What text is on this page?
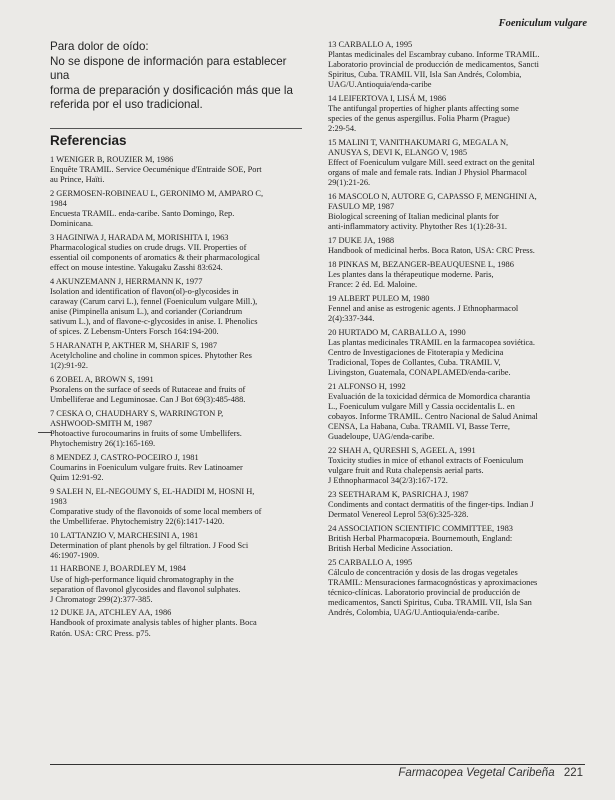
Foeniculum vulgare
Para dolor de oído:
No se dispone de información para establecer una
forma de preparación y dosificación más que la
referida por el uso tradicional.
Referencias
1 WENIGER B, ROUZIER M, 1986
Enquête TRAMIL. Service Oecuménique d'Entraide SOE, Port
au Prince, Haïti.
2 GERMOSEN-ROBINEAU L, GERONIMO M, AMPARO C,
1984
Encuesta TRAMIL. enda-caribe. Santo Domingo, Rep.
Dominicana.
3 HAGINIWA J, HARADA M, MORISHITA I, 1963
Pharmacological studies on crude drugs. VII. Properties of
essential oil components of aromatics & their pharmacological
effect on mouse intestine. Yakugaku Zasshi 83:624.
4 AKUNZEMANN J, HERRMANN K, 1977
Isolation and identification of flavon(ol)-o-glycosides in
caraway (Carum carvi L.), fennel (Foeniculum vulgare Mill.),
anise (Pimpinella anisum L.), and coriander (Coriandrum
sativum L.), and of flavone-c-glycosides in anise. I. Phenolics
of spices. Z Lebensm-Unters Forsch 164:194-200.
5 HARANATH P, AKTHER M, SHARIF S, 1987
Acetylcholine and choline in common spices. Phytother Res
1(2):91-92.
6 ZOBEL A, BROWN S, 1991
Psoralens on the surface of seeds of Rutaceae and fruits of
Umbelliferae and Leguminosae. Can J Bot 69(3):485-488.
7 CESKA O, CHAUDHARY S, WARRINGTON P,
ASHWOOD-SMITH M, 1987
Photoactive furocoumarins in fruits of some Umbellifers.
Phytochemistry 26(1):165-169.
8 MENDEZ J, CASTRO-POCEIRO J, 1981
Coumarins in Foeniculum vulgare fruits. Rev Latinoamer
Quim 12:91-92.
9 SALEH N, EL-NEGOUMY S, EL-HADIDI M, HOSNI H,
1983
Comparative study of the flavonoids of some local members of
the Umbelliferae. Phytochemistry 22(6):1417-1420.
10 LATTANZIO V, MARCHESINI A, 1981
Determination of plant phenols by gel filtration. J Food Sci
46:1907-1909.
11 HARBONE J, BOARDLEY M, 1984
Use of high-performance liquid chromatography in the
separation of flavonol glycosides and flavonol sulphates.
J Chromatogr 299(2):377-385.
12 DUKE JA, ATCHLEY AA, 1986
Handbook of proximate analysis tables of higher plants. Boca
Ratón. USA: CRC Press. p75.
13 CARBALLO A, 1995
Plantas medicinales del Escambray cubano. Informe TRAMIL.
Laboratorio provincial de producción de medicamentos, Sancti
Spiritus, Cuba. TRAMIL VII, Isla San Andrés, Colombia,
UAG/U.Antioquia/enda-caribe
14 LEIFERTOVA I, LISÁ M, 1986
The antifungal properties of higher plants affecting some
species of the genus aspergillus. Folia Pharm (Prague)
2:29-54.
15 MALINI T, VANITHAKUMARI G, MEGALA N,
ANUSYA S, DEVI K, ELANGO V, 1985
Effect of Foeniculum vulgare Mill. seed extract on the genital
organs of male and female rats. Indian J Physiol Pharmacol
29(1):21-26.
16 MASCOLO N, AUTORE G, CAPASSO F, MENGHINI A,
FASULO MP, 1987
Biological screening of Italian medicinal plants for
anti-inflammatory activity. Phytother Res 1(1):28-31.
17 DUKE JA, 1988
Handbook of medicinal herbs. Boca Raton, USA: CRC Press.
18 PINKAS M, BEZANGER-BEAUQUESNE L, 1986
Les plantes dans la thérapeutique moderne. Paris,
France: 2 éd. Ed. Maloine.
19 ALBERT PULEO M, 1980
Fennel and anise as estrogenic agents. J Ethnopharmacol
2(4):337-344.
20 HURTADO M, CARBALLO A, 1990
Las plantas medicinales TRAMIL en la farmacopea soviética.
Centro de Investigaciones de Fitoterapia y Medicina
Tradicional, Topes de Collantes, Cuba. TRAMIL V,
Livingston, Guatemala, CONAPLAMED/enda-caribe.
21 ALFONSO H, 1992
Evaluación de la toxicidad dérmica de Momordica charantia
L., Foeniculum vulgare Mill y Cassia occidentalis L. en
cobayos. Informe TRAMIL. Centro Nacional de Salud Animal
CENSA, La Habana, Cuba. TRAMIL VI, Basse Terre,
Guadeloupe, UAG/enda-caribe.
22 SHAH A, QURESHI S, AGEEL A, 1991
Toxicity studies in mice of ethanol extracts of Foeniculum
vulgare fruit and Ruta chalepensis aerial parts.
J Ethnopharmacol 34(2/3):167-172.
23 SEETHARAM K, PASRICHA J, 1987
Condiments and contact dermatitis of the finger-tips. Indian J
Dermatol Venereol Leprol 53(6):325-328.
24 ASSOCIATION SCIENTIFIC COMMITTEE, 1983
British Herbal Pharmacopœia. Bournemouth, England:
British Herbal Medicine Association.
25 CARBALLO A, 1995
Cálculo de concentración y dosis de las drogas vegetales
TRAMIL: Mensuraciones farmacognósticas y aproximaciones
técnico-clínicas. Laboratorio provincial de producción de
medicamentos, Sancti Spiritus, Cuba. TRAMIL VII, Isla San
Andrés, Colombia, UAG/U.Antioquia/enda-caribe.
Farmacopea Vegetal Caribeña 221
